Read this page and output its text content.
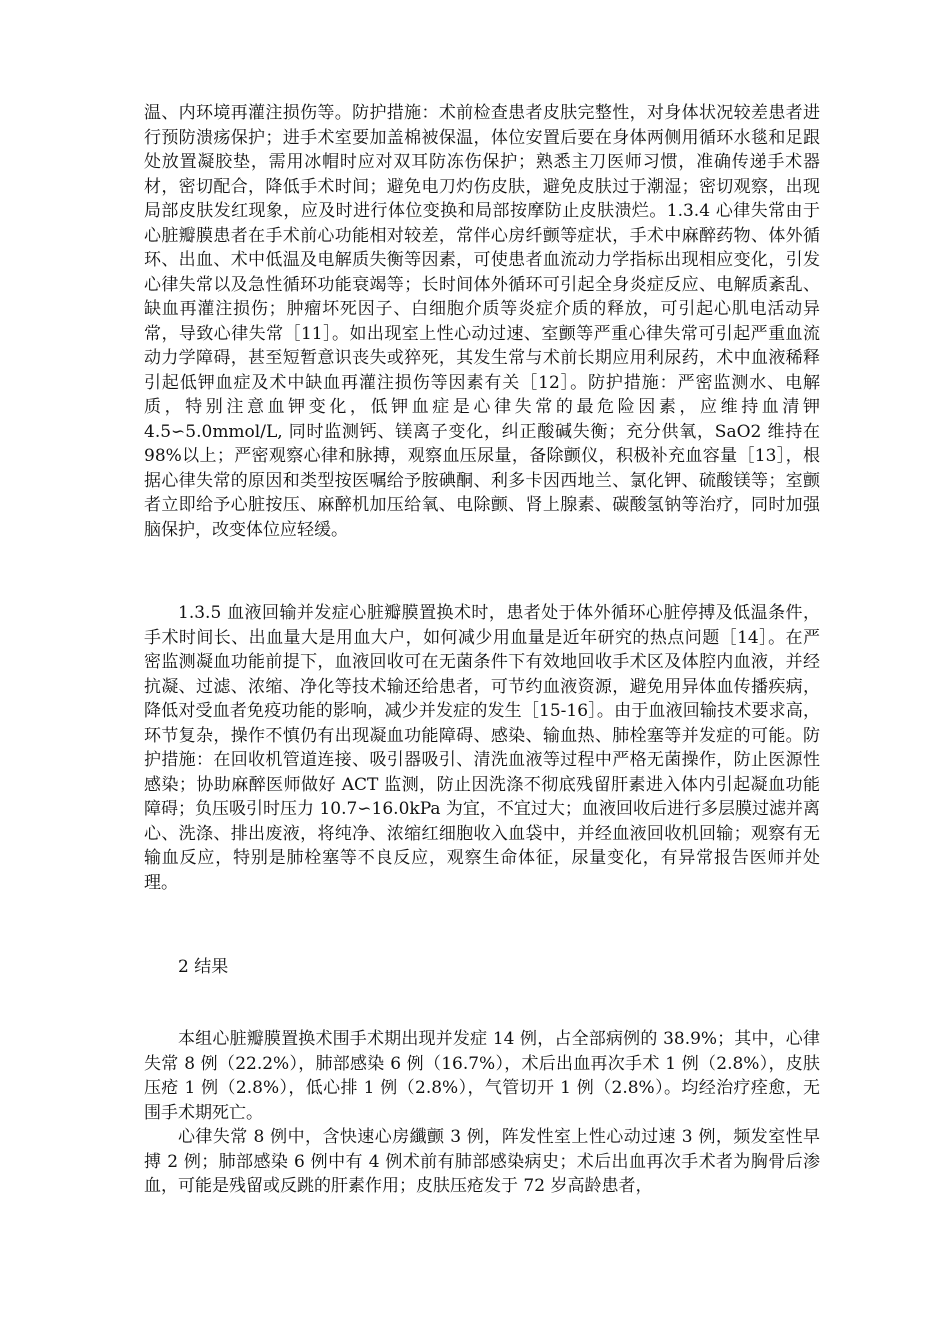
温、内环境再灌注损伤等。防护措施：术前检查患者皮肤完整性，对身体状况较差患者进行预防溃疡保护；进手术室要加盖棉被保温，体位安置后要在身体两侧用循环水毯和足跟处放置凝胶垫，需用冰帽时应对双耳防冻伤保护；熟悉主刀医师习惯，准确传递手术器材，密切配合，降低手术时间；避免电刀灼伤皮肤，避免皮肤过于潮湿；密切观察，出现局部皮肤发红现象，应及时进行体位变换和局部按摩防止皮肤溃烂。1.3.4 心律失常由于心脏瓣膜患者在手术前心功能相对较差，常伴心房纤颤等症状，手术中麻醉药物、体外循环、出血、术中低温及电解质失衡等因素，可使患者血流动力学指标出现相应变化，引发心律失常以及急性循环功能衰竭等；长时间体外循环可引起全身炎症反应、电解质紊乱、缺血再灌注损伤；肿瘤坏死因子、白细胞介质等炎症介质的释放，可引起心肌电活动异常，导致心律失常［11］。如出现室上性心动过速、室颤等严重心律失常可引起严重血流动力学障碍，甚至短暂意识丧失或猝死，其发生常与术前长期应用利尿药，术中血液稀释引起低钾血症及术中缺血再灌注损伤等因素有关［12］。防护措施：严密监测水、电解质，特别注意血钾变化，低钾血症是心律失常的最危险因素，应维持血清钾 4.5∽5.0mmol/L, 同时监测钙、镁离子变化，纠正酸碱失衡；充分供氧，SaO2 维持在 98%以上；严密观察心律和脉搏，观察血压尿量，备除颤仪，积极补充血容量［13］，根据心律失常的原因和类型按医嘱给予胺碘酮、利多卡因西地兰、氯化钾、硫酸镁等；室颤者立即给予心脏按压、麻醉机加压给氧、电除颤、肾上腺素、碳酸氢钠等治疗，同时加强脑保护，改变体位应轻缓。

1.3.5 血液回输并发症心脏瓣膜置换术时，患者处于体外循环心脏停搏及低温条件，手术时间长、出血量大是用血大户，如何减少用血量是近年研究的热点问题［14］。在严密监测凝血功能前提下，血液回收可在无菌条件下有效地回收手术区及体腔内血液，并经抗凝、过滤、浓缩、净化等技术输还给患者，可节约血液资源，避免用异体血传播疾病，降低对受血者免疫功能的影响，减少并发症的发生［15-16］。由于血液回输技术要求高，环节复杂，操作不慎仍有出现凝血功能障碍、感染、输血热、肺栓塞等并发症的可能。防护措施：在回收机管道连接、吸引器吸引、清洗血液等过程中严格无菌操作，防止医源性感染；协助麻醉医师做好 ACT 监测，防止因洗涤不彻底残留肝素进入体内引起凝血功能障碍；负压吸引时压力 10.7∽16.0kPa 为宜，不宜过大；血液回收后进行多层膜过滤并离心、洗涤、排出废液，将纯净、浓缩红细胞收入血袋中，并经血液回收机回输；观察有无输血反应，特别是肺栓塞等不良反应，观察生命体征，尿量变化，有异常报告医师并处理。

2 结果

本组心脏瓣膜置换术围手术期出现并发症 14 例，占全部病例的 38.9%；其中，心律失常 8 例（22.2%），肺部感染 6 例（16.7%），术后出血再次手术 1 例（2.8%），皮肤压疮 1 例（2.8%），低心排 1 例（2.8%），气管切开 1 例（2.8%）。均经治疗痊愈，无围手术期死亡。

心律失常 8 例中，含快速心房纖颤 3 例，阵发性室上性心动过速 3 例，频发室性早搏 2 例；肺部感染 6 例中有 4 例术前有肺部感染病史；术后出血再次手术者为胸骨后渗血，可能是残留或反跳的肝素作用；皮肤压疮发于 72 岁高龄患者，
